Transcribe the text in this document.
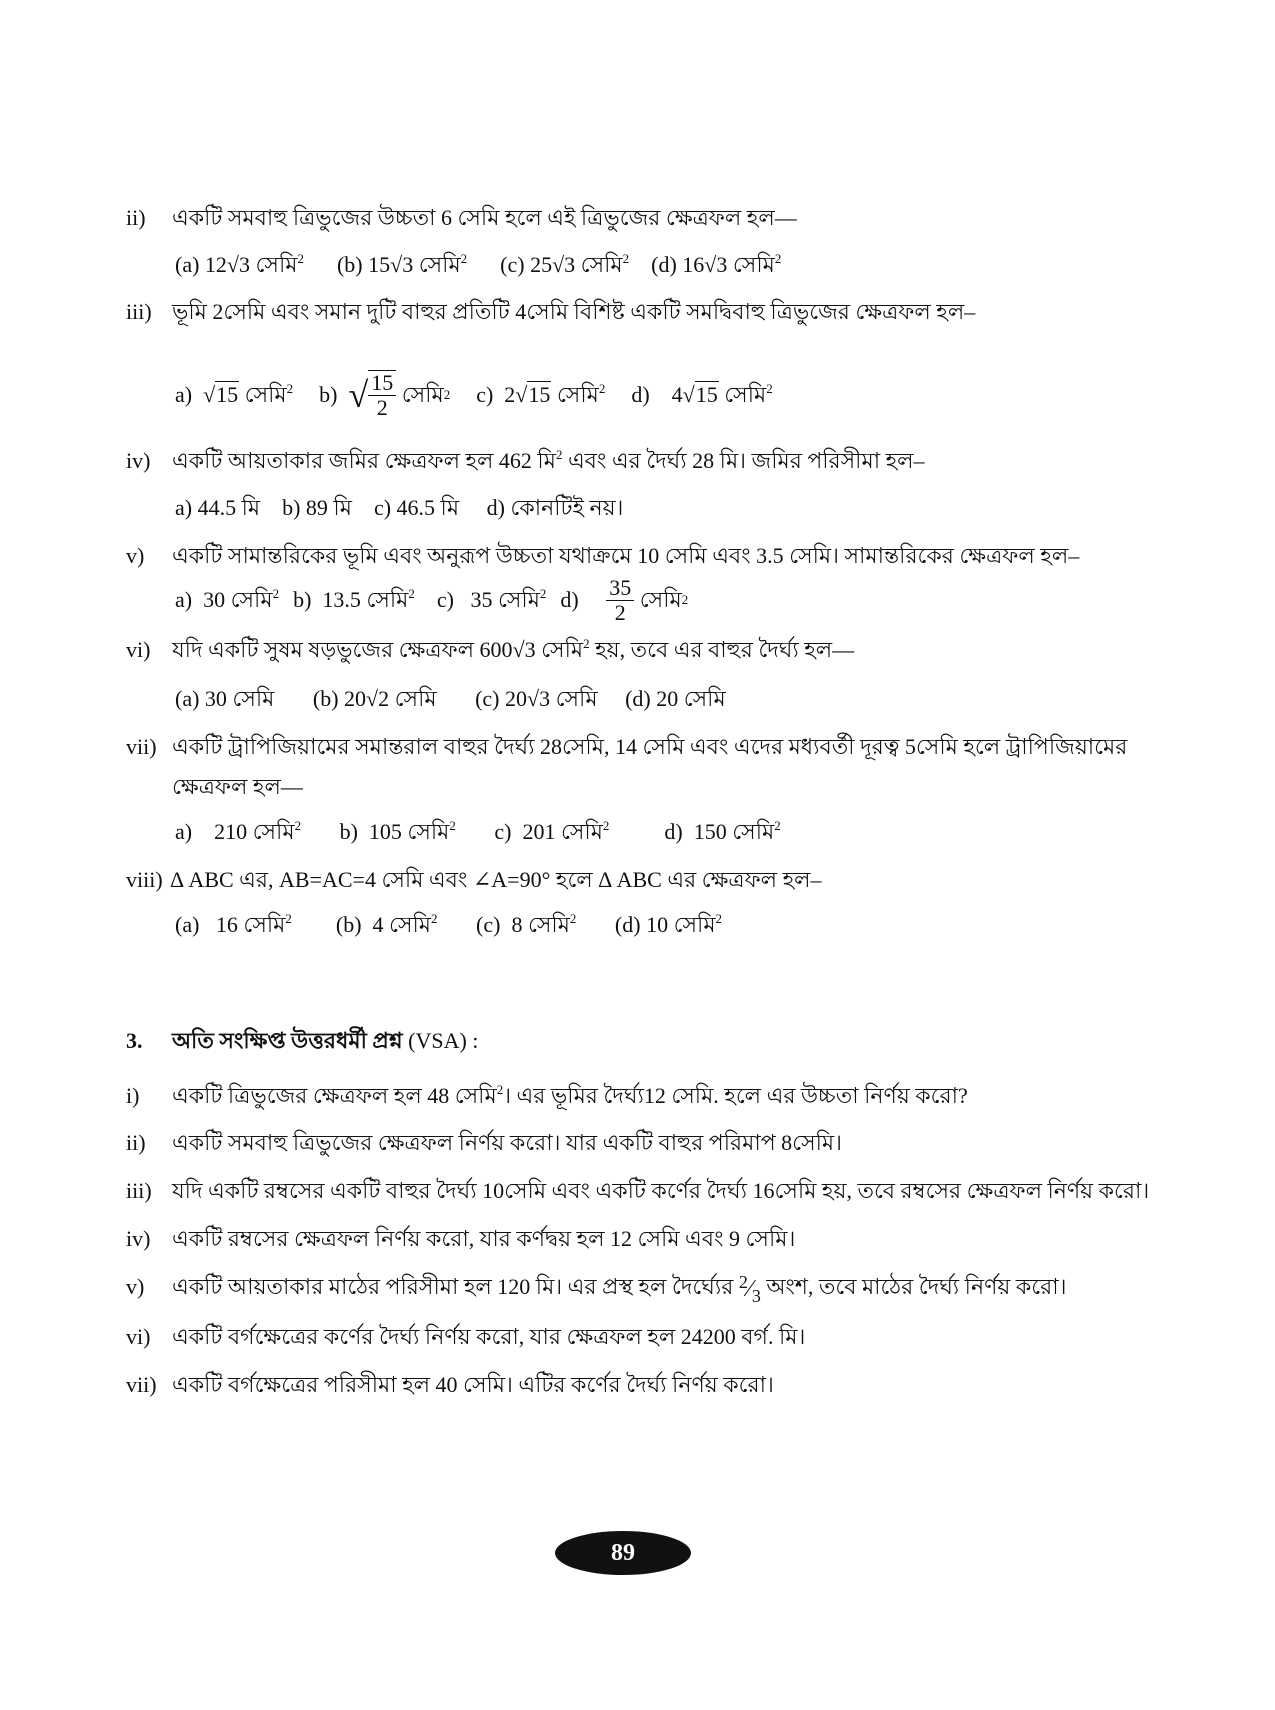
ii) একটি সমবাহু ত্রিভুজের উচ্চতা 6 সেমি হলে এই ত্রিভুজের ক্ষেত্রফল হল—
(a) 12√3 সেমি$^2$ (b) 15√3 সেমি$^2$ (c) 25√3 সেমি$^2$ (d) 16√3 সেমি$^2$
iii) ভূমি 2সেমি এবং সমান দুটি বাহুর প্রতিটি 4সেমি বিশিষ্ট একটি সমদ্বিবাহু ত্রিভুজের ক্ষেত্রফল হল–
a)  √15 সেমি$^2$ b)
√ $\frac{15}{2}$
সেমি 2 c) 2√15 সেমি$^2$ d) 4√15 সেমি$^2$
iv) একটি আয়তাকার জমির ক্ষেত্রফল হল 462 মি$^2$ এবং এর দৈর্ঘ্য 28 মি। জমির পরিসীমা হল–
a) 44.5 মি b) 89 মি c) 46.5 মি d) কোনটিই নয়।
v) একটি সামান্তরিকের ভূমি এবং অনুরূপ উচ্চতা যথাক্রমে 10 সেমি এবং 3.5 সেমি। সামান্তরিকের ক্ষেত্রফল হল–
a) 30 সেমি$^2$ b) 13.5 সেমি$^2$ c) 35 সেমি$^2$ d)
$\frac{35}{2}$
সেমি 2
vi) যদি একটি সুষম ষড়ভুজের ক্ষেত্রফল 600√3 সেমি$^2$ হয়, তবে এর বাহুর দৈর্ঘ্য হল—
(a) 30 সেমি (b) 20√2 সেমি (c) 20√3 সেমি (d) 20 সেমি
vii) একটি ট্রাপিজিয়ামের সমান্তরাল বাহুর দৈর্ঘ্য 28সেমি, 14 সেমি এবং এদের মধ্যবর্তী দূরত্ব 5সেমি হলে ট্রাপিজিয়ামের
ক্ষেত্রফল হল—
a) 210 সেমি$^2$ b) 105 সেমি$^2$ c) 201 সেমি$^2$	d) 150 সেমি$^2$
viii) Δ ABC এর, AB=AC=4 সেমি এবং ∠A=90° হলে Δ ABC এর ক্ষেত্রফল হল–
(a) 16 সেমি$^2$ (b) 4 সেমি$^2$ (c) 8 সেমি$^2$ (d) 10 সেমি$^2$
3. অতি সংক্ষিপ্ত উত্তরধর্মী প্রশ্ন (VSA) :
i) একটি ত্রিভুজের ক্ষেত্রফল হল 48 সেমি$^2$। এর ভূমির দৈর্ঘ্য12 সেমি. হলে এর উচ্চতা নির্ণয় করো?
ii) একটি সমবাহু ত্রিভুজের ক্ষেত্রফল নির্ণয় করো। যার একটি বাহুর পরিমাপ 8সেমি।
iii) যদি একটি রম্বসের একটি বাহুর দৈর্ঘ্য 10সেমি এবং একটি কর্ণের দৈর্ঘ্য 16সেমি হয়, তবে রম্বসের ক্ষেত্রফল নির্ণয় করো।
iv) একটি রম্বসের ক্ষেত্রফল নির্ণয় করো, যার কর্ণদ্বয় হল 12 সেমি এবং 9 সেমি।
v) একটি আয়তাকার মাঠের পরিসীমা হল 120 মি। এর প্রস্থ হল দৈর্ঘ্যের $^2⁄_3$ অংশ, তবে মাঠের দৈর্ঘ্য নির্ণয় করো।
vi) একটি বর্গক্ষেত্রের কর্ণের দৈর্ঘ্য নির্ণয় করো, যার ক্ষেত্রফল হল 24200 বর্গ. মি।
vii) একটি বর্গক্ষেত্রের পরিসীমা হল 40 সেমি। এটির কর্ণের দৈর্ঘ্য নির্ণয় করো।
89
